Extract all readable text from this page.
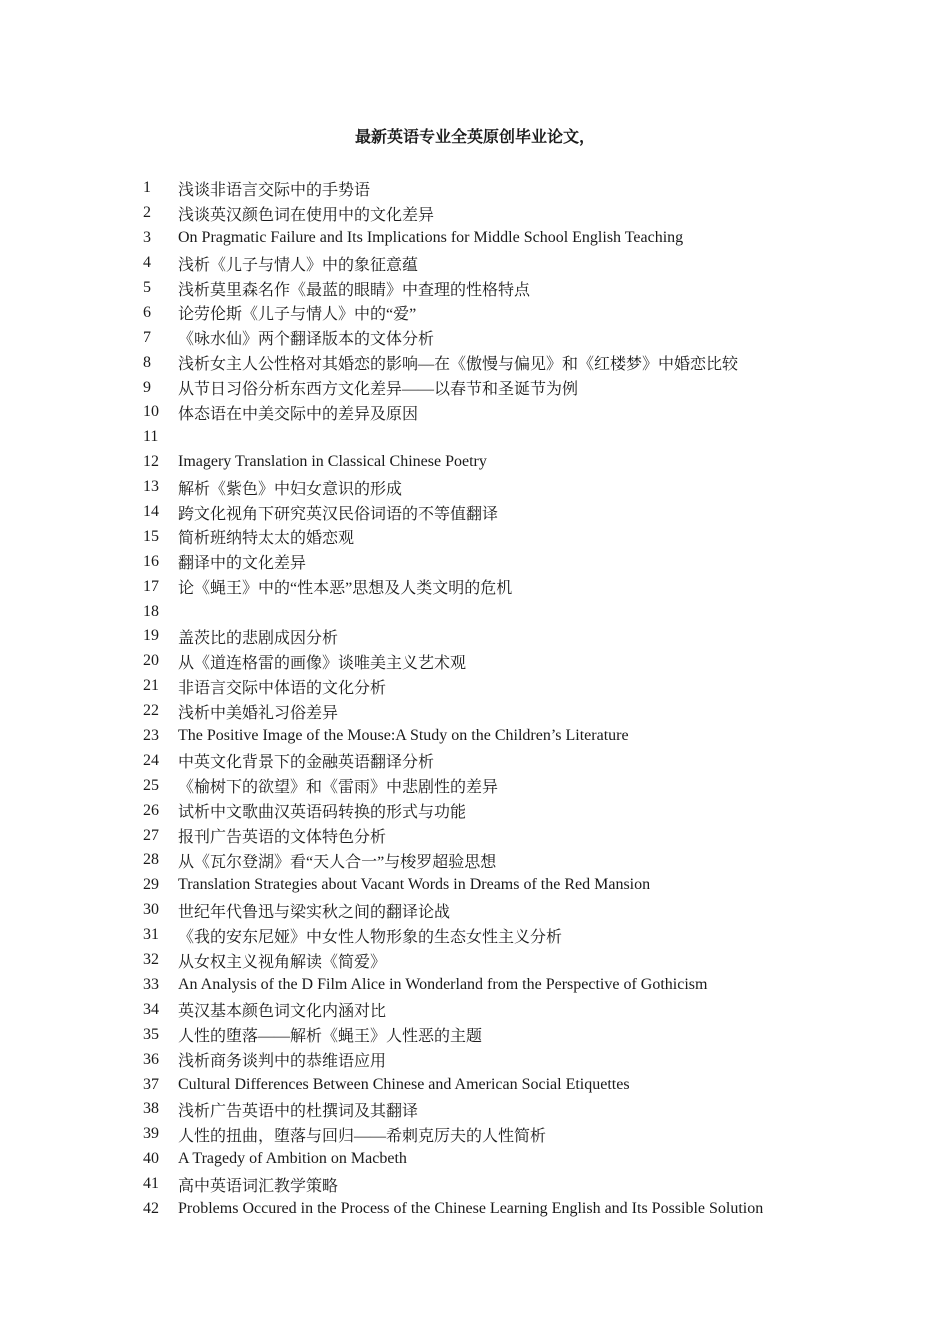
最新英语专业全英原创毕业论文，
1	浅谈非语言交际中的手势语
2	浅谈英汉颜色词在使用中的文化差异
3	On Pragmatic Failure and Its Implications for Middle School English Teaching
4	浅析《儿子与情人》中的象征意蕴
5	浅析莫里森名作《最蓝的眼睛》中查理的性格特点
6	论劳伦斯《儿子与情人》中的“爱”
7	《咏水仙》两个翻译版本的文体分析
8	浅析女主人公性格对其婚恋的影响—在《傲慢与偏见》和《红楼梦》中婚恋比较
9	从节日习俗分析东西方文化差异——以春节和圣诞节为例
10	体态语在中美交际中的差异及原因
11
12	Imagery Translation in Classical Chinese Poetry
13	解析《紫色》中妇女意识的形成
14	跨文化视角下研究英汉民俗词语的不等值翻译
15	简析班纳特太太的婚恋观
16	翻译中的文化差异
17	论《蝇王》中的“性本恶”思想及人类文明的危机
18
19	盖茨比的悲剧成因分析
20	从《道连格雷的画像》谈唯美主义艺术观
21	非语言交际中体语的文化分析
22	浅析中美婚礼习俗差异
23	The Positive Image of the Mouse:A Study on the Children’s Literature
24	中英文化背景下的金融英语翻译分析
25	《榆树下的欲望》和《雷雨》中悲剧性的差异
26	试析中文歌曲汉英语码转换的形式与功能
27	报刊广告英语的文体特色分析
28	从《瓦尔登湖》看“天人合一”与梭罗超验思想
29	Translation Strategies about Vacant Words in Dreams of the Red Mansion
30	世纪年代鲁迅与梁实秋之间的翻译论战
31	《我的安东尼娅》中女性人物形象的生态女性主义分析
32	从女权主义视角解读《简爱》
33	An Analysis of the D Film Alice in Wonderland from the Perspective of Gothicism
34	英汉基本颜色词文化内涵对比
35	人性的堕落——解析《蝇王》人性恶的主题
36	浅析商务谈判中的恭维语应用
37	Cultural Differences Between Chinese and American Social Etiquettes
38	浅析广告英语中的杜撰词及其翻译
39	人性的扭曲，堕落与回归——希刺克厉夫的人性简析
40	A Tragedy of Ambition on Macbeth
41	高中英语词汇教学策略
42	Problems Occured in the Process of the Chinese Learning English and Its Possible Solution
